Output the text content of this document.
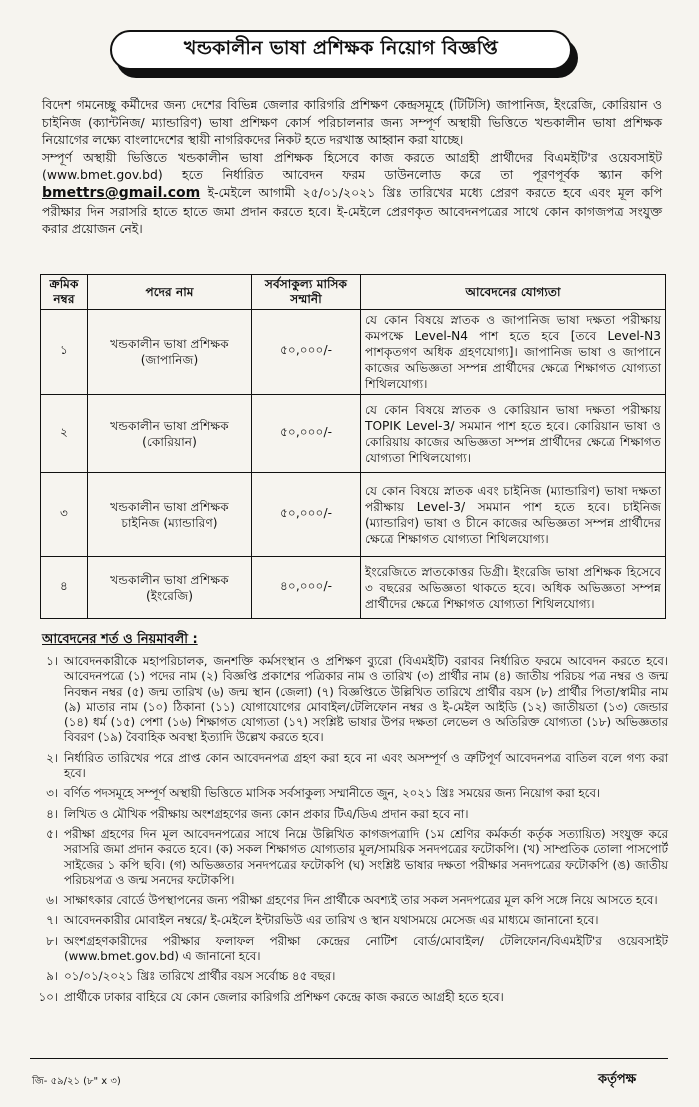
খন্ডকালীন ভাষা প্রশিক্ষক নিয়োগ বিজ্ঞপ্তি

বিদেশ গমনেচ্ছু কর্মীদের জন্য দেশের বিভিন্ন জেলার কারিগরি প্রশিক্ষণ কেন্দ্রসমূহে (টিটিসি) জাপানিজ, ইংরেজি, কোরিয়ান ও চাইনিজ (ক্যান্টনিজ/ ম্যান্ডারিণ) ভাষা প্রশিক্ষণ কোর্স পরিচালনার জন্য সম্পূর্ণ অস্থায়ী ভিত্তিতে খন্ডকালীন ভাষা প্রশিক্ষক নিয়োগের লক্ষ্যে বাংলাদেশের স্থায়ী নাগরিকদের নিকট হতে দরখাস্ত আহ্বান করা যাচ্ছে।

সম্পূর্ণ অস্থায়ী ভিত্তিতে খন্ডকালীন ভাষা প্রশিক্ষক হিসেবে কাজ করতে আগ্রহী প্রার্থীদের বিএমইটি'র ওয়েবসাইট (www.bmet.gov.bd) হতে নির্ধারিত আবেদন ফরম ডাউনলোড করে তা পূরণপূর্বক স্ক্যান কপি bmettrs@gmail.com ই-মেইলে আগামী ২৫/০১/২০২১ খ্রিঃ তারিখের মধ্যে প্রেরণ করতে হবে এবং মূল কপি পরীক্ষার দিন সরাসরি হাতে হাতে জমা প্রদান করতে হবে। ই-মেইলে প্রেরণকৃত আবেদনপত্রের সাথে কোন কাগজপত্র সংযুক্ত করার প্রয়োজন নেই।

ক্রমিক নম্বর	পদের নাম	সর্বসাকুল্য মাসিক সম্মানী	আবেদনের যোগ্যতা
১	খন্ডকালীন ভাষা প্রশিক্ষক (জাপানিজ)	৫০,০০০/-	যে কোন বিষয়ে স্নাতক ও জাপানিজ ভাষা দক্ষতা পরীক্ষায় কমপক্ষে Level-N4 পাশ হতে হবে [তবে Level-N3 পাশকৃতগণ অধিক গ্রহণযোগ্য]। জাপানিজ ভাষা ও জাপানে কাজের অভিজ্ঞতা সম্পন্ন প্রার্থীদের ক্ষেত্রে শিক্ষাগত যোগ্যতা শিথিলযোগ্য।
২	খন্ডকালীন ভাষা প্রশিক্ষক (কোরিয়ান)	৫০,০০০/-	যে কোন বিষয়ে স্নাতক ও কোরিয়ান ভাষা দক্ষতা পরীক্ষায় TOPIK Level-3/ সমমান পাশ হতে হবে। কোরিয়ান ভাষা ও কোরিয়ায় কাজের অভিজ্ঞতা সম্পন্ন প্রার্থীদের ক্ষেত্রে শিক্ষাগত যোগ্যতা শিথিলযোগ্য।
৩	খন্ডকালীন ভাষা প্রশিক্ষক চাইনিজ (ম্যান্ডারিণ)	৫০,০০০/-	যে কোন বিষয়ে স্নাতক এবং চাইনিজ (ম্যান্ডারিণ) ভাষা দক্ষতা পরীক্ষায় Level-3/ সমমান পাশ হতে হবে। চাইনিজ (ম্যান্ডারিণ) ভাষা ও চীনে কাজের অভিজ্ঞতা সম্পন্ন প্রার্থীদের ক্ষেত্রে শিক্ষাগত যোগ্যতা শিথিলযোগ্য।
৪	খন্ডকালীন ভাষা প্রশিক্ষক (ইংরেজি)	৪০,০০০/-	ইংরেজিতে স্নাতকোত্তর ডিগ্রী। ইংরেজি ভাষা প্রশিক্ষক হিসেবে ৩ বছরের অভিজ্ঞতা থাকতে হবে। অধিক অভিজ্ঞতা সম্পন্ন প্রার্থীদের ক্ষেত্রে শিক্ষাগত যোগ্যতা শিথিলযোগ্য।
আবেদনের শর্ত ও নিয়মাবলী :
১। আবেদনকারীকে মহাপরিচালক, জনশক্তি কর্মসংস্থান ও প্রশিক্ষণ ব্যুরো (বিএমইটি) বরাবর নির্ধারিত ফরমে আবেদন করতে হবে। আবেদনপত্রে (১) পদের নাম (২) বিজ্ঞপ্তি প্রকাশের পত্রিকার নাম ও তারিখ (৩) প্রার্থীর নাম (৪) জাতীয় পরিচয় পত্র নম্বর ও জন্ম নিবন্ধন নম্বর (৫) জন্ম তারিখ (৬) জন্ম স্থান (জেলা) (৭) বিজ্ঞপ্তিতে উল্লিখিত তারিখে প্রার্থীর বয়স (৮) প্রার্থীর পিতা/স্বামীর নাম (৯) মাতার নাম (১০) ঠিকানা (১১) যোগাযোগের মোবাইল/টেলিফোন নম্বর ও ই-মেইল আইডি (১২) জাতীয়তা (১৩) জেন্ডার (১৪) ধর্ম (১৫) পেশা (১৬) শিক্ষাগত যোগ্যতা (১৭) সংশ্লিষ্ট ভাষার উপর দক্ষতা লেভেল ও অতিরিক্ত যোগ্যতা (১৮) অভিজ্ঞতার বিবরণ (১৯) বৈবাহিক অবস্থা ইত্যাদি উল্লেখ করতে হবে।
২। নির্ধারিত তারিখের পরে প্রাপ্ত কোন আবেদনপত্র গ্রহণ করা হবে না এবং অসম্পূর্ণ ও ত্রুটিপূর্ণ আবেদনপত্র বাতিল বলে গণ্য করা হবে।
৩। বর্ণিত পদসমূহে সম্পূর্ণ অস্থায়ী ভিত্তিতে মাসিক সর্বসাকুল্য সম্মানীতে জুন, ২০২১ খ্রিঃ সময়ের জন্য নিয়োগ করা হবে।
৪। লিখিত ও মৌখিক পরীক্ষায় অংশগ্রহণের জন্য কোন প্রকার টিএ/ডিএ প্রদান করা হবে না।
৫। পরীক্ষা গ্রহণের দিন মূল আবেদনপত্রের সাথে নিম্নে উল্লিখিত কাগজপত্রাদি (১ম শ্রেণির কর্মকর্তা কর্তৃক সত্যায়িত) সংযুক্ত করে সরাসরি জমা প্রদান করতে হবে। (ক) সকল শিক্ষাগত যোগ্যতার মূল/সাময়িক সনদপত্রের ফটোকপি। (খ) সাম্প্রতিক তোলা পাসপোর্ট সাইজের ১ কপি ছবি। (গ) অভিজ্ঞতার সনদপত্রের ফটোকপি (ঘ) সংশ্লিষ্ট ভাষার দক্ষতা পরীক্ষার সনদপত্রের ফটোকপি (ঙ) জাতীয় পরিচয়পত্র ও জন্ম সনদের ফটোকপি।
৬। সাক্ষাৎকার বোর্ডে উপস্থাপনের জন্য পরীক্ষা গ্রহণের দিন প্রার্থীকে অবশ্যই তার সকল সনদপত্রের মূল কপি সঙ্গে নিয়ে আসতে হবে।
৭। আবেদনকারীর মোবাইল নম্বরে/ ই-মেইলে ইন্টারভিউ এর তারিখ ও স্থান যথাসময়ে মেসেজ এর মাধ্যমে জানানো হবে।
৮। অংশগ্রহণকারীদের পরীক্ষার ফলাফল পরীক্ষা কেন্দ্রের নোটিশ বোর্ড/মোবাইল/ টেলিফোন/বিএমইটি'র ওয়েবসাইট (www.bmet.gov.bd) এ জানানো হবে।
৯। ০১/০১/২০২১ খ্রিঃ তারিখে প্রার্থীর বয়স সর্বোচ্চ ৪৫ বছর।
১০। প্রার্থীকে ঢাকার বাহিরে যে কোন জেলার কারিগরি প্রশিক্ষণ কেন্দ্রে কাজ করতে আগ্রহী হতে হবে।
জি- ৫৯/২১ (৮" x ৩)	কর্তৃপক্ষ
